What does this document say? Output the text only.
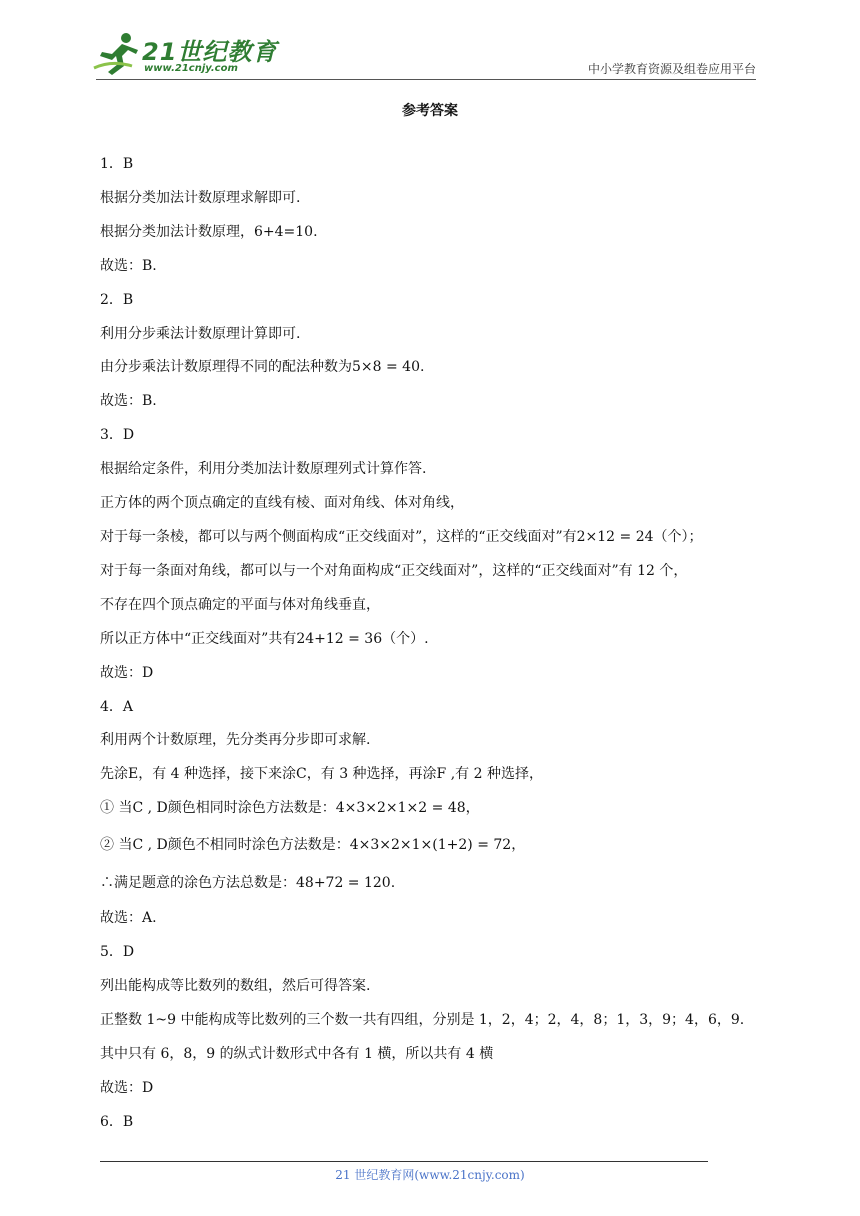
21世纪教育
www.21cnjy.com	中小学教育资源及组卷应用平台
参考答案
1．B
根据分类加法计数原理求解即可.
根据分类加法计数原理，6+4=10.
故选：B.
2．B
利用分步乘法计数原理计算即可.
由分步乘法计数原理得不同的配法种数为5×8 = 40.
故选：B.
3．D
根据给定条件，利用分类加法计数原理列式计算作答.
正方体的两个顶点确定的直线有棱、面对角线、体对角线，
对于每一条棱，都可以与两个侧面构成“正交线面对”，这样的“正交线面对”有2×12 = 24（个）；
对于每一条面对角线，都可以与一个对角面构成“正交线面对”，这样的“正交线面对”有 12 个，
不存在四个顶点确定的平面与体对角线垂直，
所以正方体中“正交线面对”共有24+12 = 36（个）.
故选：D
4．A
利用两个计数原理，先分类再分步即可求解.
先涂E，有 4 种选择，接下来涂C，有 3 种选择，再涂F ,有 2 种选择，
① 当C , D颜色相同时涂色方法数是：4×3×2×1×2 = 48，
② 当C , D颜色不相同时涂色方法数是：4×3×2×1×(1+2) = 72，
∴满足题意的涂色方法总数是：48+72 = 120.
故选：A.
5．D
列出能构成等比数列的数组，然后可得答案.
正整数 1~9 中能构成等比数列的三个数一共有四组，分别是 1，2，4；2，4，8；1，3，9；4，6，9.
其中只有 6，8，9 的纵式计数形式中各有 1 横，所以共有 4 横
故选：D
6．B
21 世纪教育网(www.21cnjy.com)
